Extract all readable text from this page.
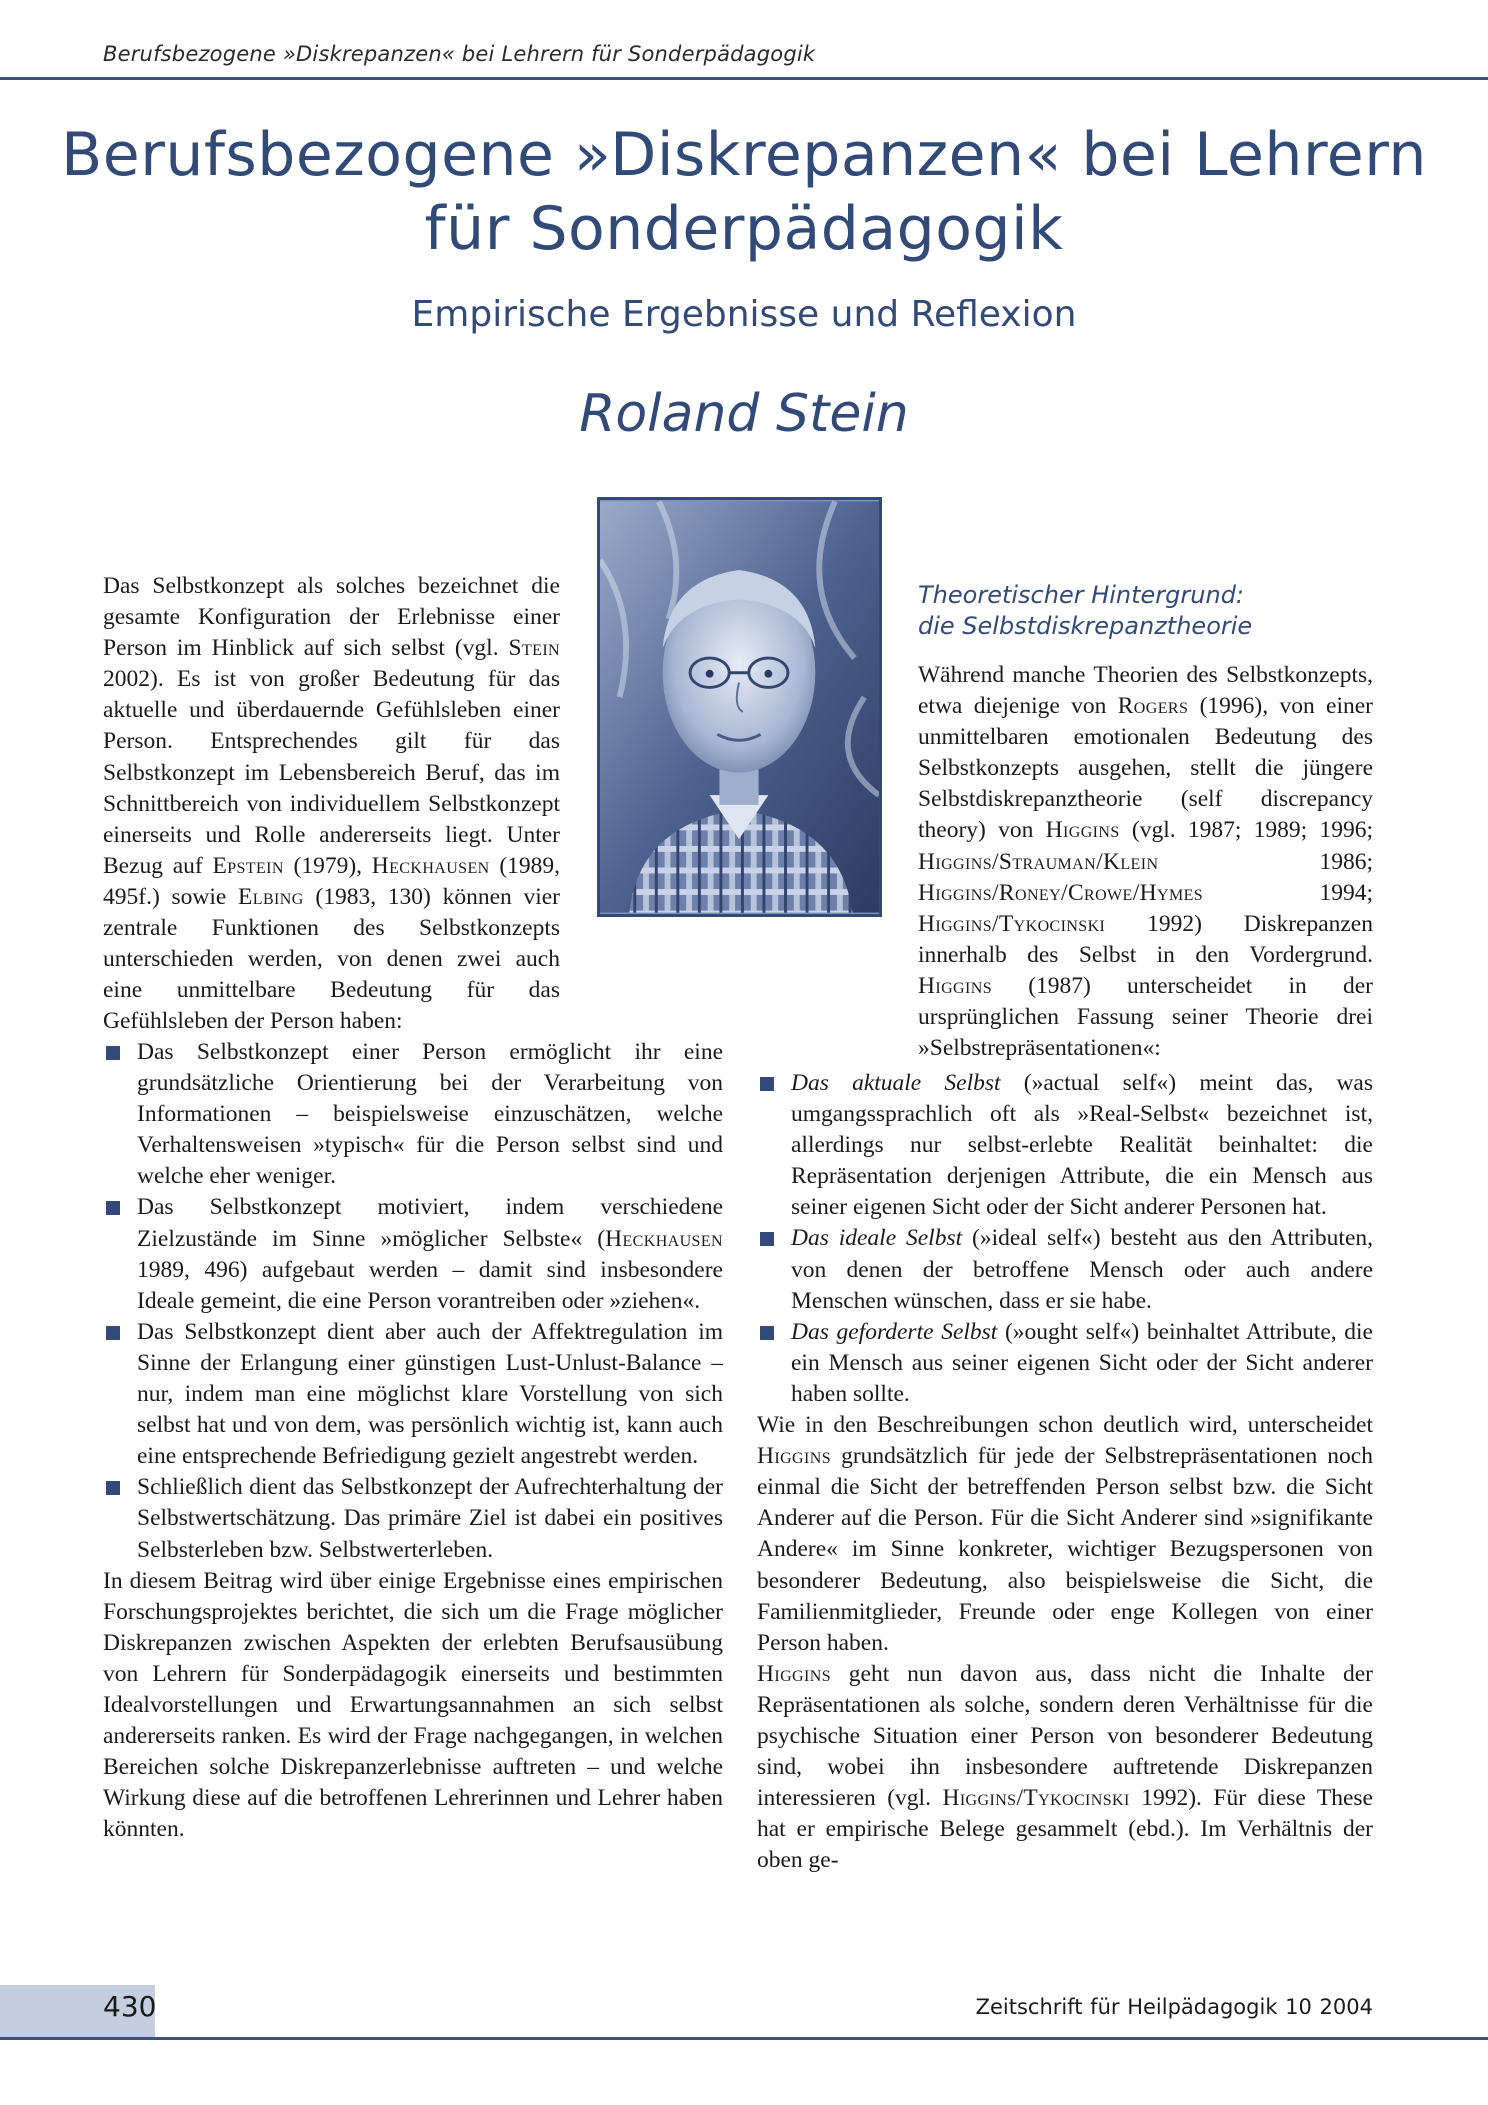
Berufsbezogene »Diskrepanzen« bei Lehrern für Sonderpädagogik
Berufsbezogene »Diskrepanzen« bei Lehrern für Sonderpädagogik
Empirische Ergebnisse und Reflexion
Roland Stein

Das Selbstkonzept als solches bezeichnet die gesamte Konfiguration der Erlebnisse einer Person im Hinblick auf sich selbst (vgl. Stein 2002). Es ist von großer Bedeutung für das aktuelle und überdauernde Gefühlsleben einer Person. Entsprechendes gilt für das Selbstkonzept im Lebensbereich Beruf, das im Schnittbereich von individuellem Selbstkonzept einerseits und Rolle andererseits liegt. Unter Bezug auf Epstein (1979), Heckhausen (1989, 495f.) sowie Elbing (1983, 130) können vier zentrale Funktionen des Selbstkonzepts unterschieden werden, von denen zwei auch eine unmittelbare Bedeutung für das Gefühlsleben der Person haben:

Theoretischer Hintergrund:
die Selbstdiskrepanztheorie

Während manche Theorien des Selbstkonzepts, etwa diejenige von Rogers (1996), von einer unmittelbaren emotionalen Bedeutung des Selbstkonzepts ausgehen, stellt die jüngere Selbstdiskrepanztheorie (self discrepancy theory) von Higgins (vgl. 1987; 1989; 1996; Higgins/Strauman/Klein 1986; Higgins/Roney/Crowe/Hymes 1994; Higgins/Tykocinski 1992) Diskrepanzen innerhalb des Selbst in den Vordergrund. Higgins (1987) unterscheidet in der ursprünglichen Fassung seiner Theorie drei »Selbstrepräsentationen«:

Das Selbstkonzept einer Person ermöglicht ihr eine grundsätzliche Orientierung bei der Verarbeitung von Informationen – beispielsweise einzuschätzen, welche Verhaltensweisen »typisch« für die Person selbst sind und welche eher weniger.
Das Selbstkonzept motiviert, indem verschiedene Zielzustände im Sinne »möglicher Selbste« (Heckhausen 1989, 496) aufgebaut werden – damit sind insbesondere Ideale gemeint, die eine Person vorantreiben oder »ziehen«.
Das Selbstkonzept dient aber auch der Affektregulation im Sinne der Erlangung einer günstigen Lust-Unlust-Balance – nur, indem man eine möglichst klare Vorstellung von sich selbst hat und von dem, was persönlich wichtig ist, kann auch eine entsprechende Befriedigung gezielt angestrebt werden.
Schließlich dient das Selbstkonzept der Aufrechterhaltung der Selbstwertschätzung. Das primäre Ziel ist dabei ein positives Selbsterleben bzw. Selbstwerterleben.

In diesem Beitrag wird über einige Ergebnisse eines empirischen Forschungsprojektes berichtet, die sich um die Frage möglicher Diskrepanzen zwischen Aspekten der erlebten Berufsausübung von Lehrern für Sonderpädagogik einerseits und bestimmten Idealvorstellungen und Erwartungsannahmen an sich selbst andererseits ranken. Es wird der Frage nachgegangen, in welchen Bereichen solche Diskrepanzerlebnisse auftreten – und welche Wirkung diese auf die betroffenen Lehrerinnen und Lehrer haben könnten.

Das aktuale Selbst (»actual self«) meint das, was umgangssprachlich oft als »Real-Selbst« bezeichnet ist, allerdings nur selbst-erlebte Realität beinhaltet: die Repräsentation derjenigen Attribute, die ein Mensch aus seiner eigenen Sicht oder der Sicht anderer Personen hat.
Das ideale Selbst (»ideal self«) besteht aus den Attributen, von denen der betroffene Mensch oder auch andere Menschen wünschen, dass er sie habe.
Das geforderte Selbst (»ought self«) beinhaltet Attribute, die ein Mensch aus seiner eigenen Sicht oder der Sicht anderer haben sollte.

Wie in den Beschreibungen schon deutlich wird, unterscheidet Higgins grundsätzlich für jede der Selbstrepräsentationen noch einmal die Sicht der betreffenden Person selbst bzw. die Sicht Anderer auf die Person. Für die Sicht Anderer sind »signifikante Andere« im Sinne konkreter, wichtiger Bezugspersonen von besonderer Bedeutung, also beispielsweise die Sicht, die Familienmitglieder, Freunde oder enge Kollegen von einer Person haben.

Higgins geht nun davon aus, dass nicht die Inhalte der Repräsentationen als solche, sondern deren Verhältnisse für die psychische Situation einer Person von besonderer Bedeutung sind, wobei ihn insbesondere auftretende Diskrepanzen interessieren (vgl. Higgins/Tykocinski 1992). Für diese These hat er empirische Belege gesammelt (ebd.). Im Verhältnis der oben ge-

430	Zeitschrift für Heilpädagogik 10 2004
